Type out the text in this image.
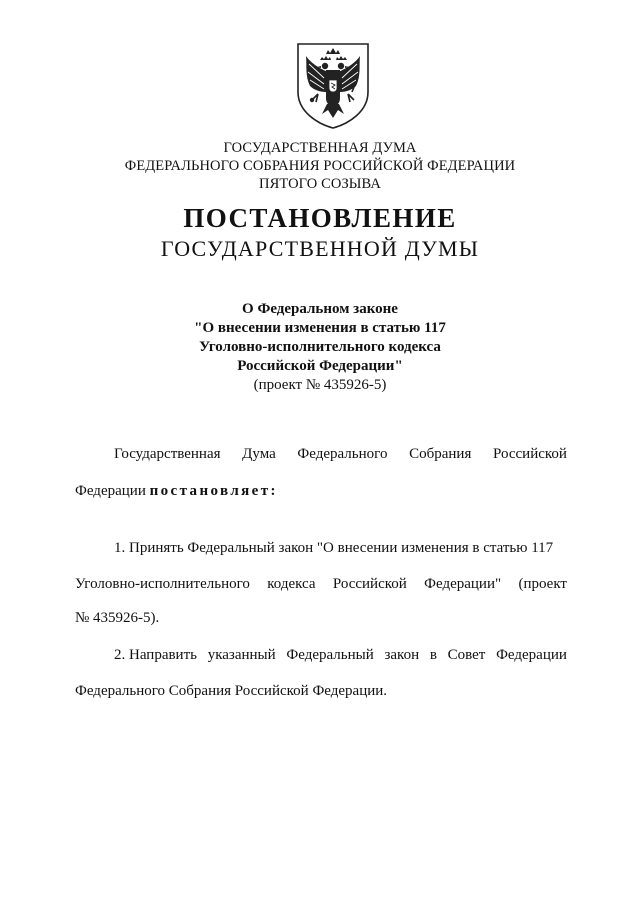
ГОСУДАРСТВЕННАЯ ДУМА
ФЕДЕРАЛЬНОГО СОБРАНИЯ РОССИЙСКОЙ ФЕДЕРАЦИИ
ПЯТОГО СОЗЫВА
ПОСТАНОВЛЕНИЕ
ГОСУДАРСТВЕННОЙ ДУМЫ
О Федеральном законе
"О внесении изменения в статью 117
Уголовно-исполнительного кодекса
Российской Федерации"
(проект № 435926-5)
Государственная Дума Федерального Собрания Российской
Федерации постановляет:
1. Принять Федеральный закон "О внесении изменения в статью 117
Уголовно-исполнительного кодекса Российской Федерации" (проект
№ 435926-5).
2. Направить указанный Федеральный закон в Совет Федерации
Федерального Собрания Российской Федерации.
